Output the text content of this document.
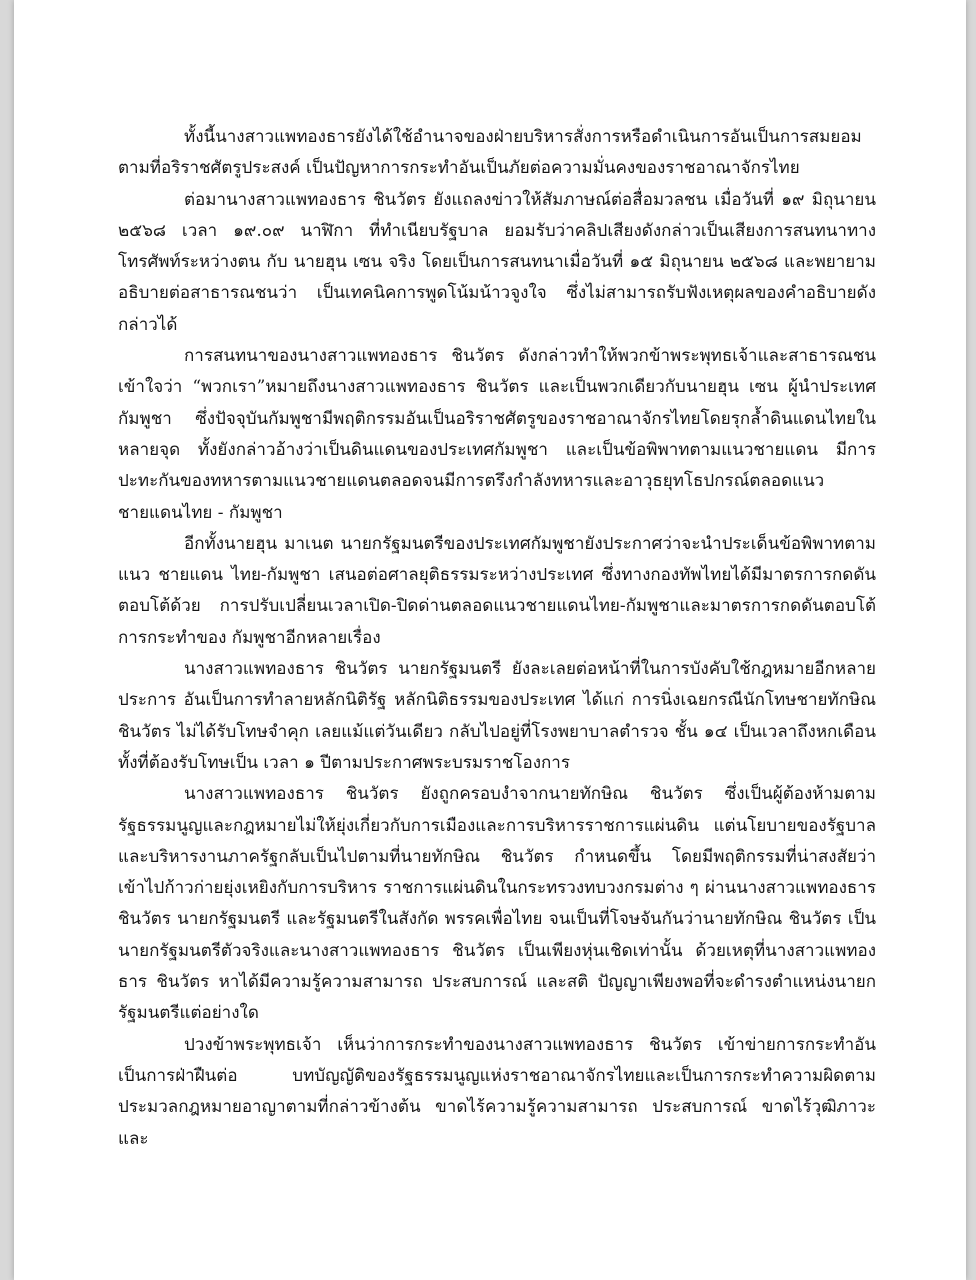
ทั้งนี้นางสาวแพทองธารยังได้ใช้อำนาจของฝ่ายบริหารสั่งการหรือดำเนินการอันเป็นการสมยอมตามที่อริราชศัตรูประสงค์ เป็นปัญหาการกระทำอันเป็นภัยต่อความมั่นคงของราชอาณาจักรไทย

ต่อมานางสาวแพทองธาร ชินวัตร ยังแถลงข่าวให้สัมภาษณ์ต่อสื่อมวลชน เมื่อวันที่ ๑๙ มิถุนายน ๒๕๖๘ เวลา ๑๙.๐๙ นาฬิกา ที่ทำเนียบรัฐบาล ยอมรับว่าคลิปเสียงดังกล่าวเป็นเสียงการสนทนาทางโทรศัพท์ระหว่างตน กับ นายฮุน เซน จริง โดยเป็นการสนทนาเมื่อวันที่ ๑๕ มิถุนายน ๒๕๖๘ และพยายามอธิบายต่อสาธารณชนว่า เป็นเทคนิคการพูดโน้มน้าวจูงใจ ซึ่งไม่สามารถรับฟังเหตุผลของคำอธิบายดังกล่าวได้

การสนทนาของนางสาวแพทองธาร ชินวัตร ดังกล่าวทำให้พวกข้าพระพุทธเจ้าและสาธารณชนเข้าใจว่า “พวกเรา”หมายถึงนางสาวแพทองธาร ชินวัตร และเป็นพวกเดียวกับนายฮุน เซน ผู้นำประเทศกัมพูชา ซึ่งปัจจุบันกัมพูชามีพฤติกรรมอันเป็นอริราชศัตรูของราชอาณาจักรไทยโดยรุกล้ำดินแดนไทยในหลายจุด ทั้งยังกล่าวอ้างว่าเป็นดินแดนของประเทศกัมพูชา และเป็นข้อพิพาทตามแนวชายแดน มีการปะทะกันของทหารตามแนวชายแดนตลอดจนมีการตรึงกำลังทหารและอาวุธยุทโธปกรณ์ตลอดแนวชายแดนไทย - กัมพูชา

อีกทั้งนายฮุน มาเนต นายกรัฐมนตรีของประเทศกัมพูชายังประกาศว่าจะนำประเด็นข้อพิพาทตามแนว ชายแดน ไทย-กัมพูชา เสนอต่อศาลยุติธรรมระหว่างประเทศ ซึ่งทางกองทัพไทยได้มีมาตรการกดดันตอบโต้ด้วย การปรับเปลี่ยนเวลาเปิด-ปิดด่านตลอดแนวชายแดนไทย-กัมพูชาและมาตรการกดดันตอบโต้การกระทำของ กัมพูชาอีกหลายเรื่อง

นางสาวแพทองธาร ชินวัตร นายกรัฐมนตรี ยังละเลยต่อหน้าที่ในการบังคับใช้กฎหมายอีกหลายประการ อันเป็นการทำลายหลักนิติรัฐ หลักนิติธรรมของประเทศ ได้แก่ การนิ่งเฉยกรณีนักโทษชายทักษิณ ชินวัตร ไม่ได้รับโทษจำคุก เลยแม้แต่วันเดียว กลับไปอยู่ที่โรงพยาบาลตำรวจ ชั้น ๑๔ เป็นเวลาถึงหกเดือน ทั้งที่ต้องรับโทษเป็น เวลา ๑ ปีตามประกาศพระบรมราชโองการ

นางสาวแพทองธาร ชินวัตร ยังถูกครอบงำจากนายทักษิณ ชินวัตร ซึ่งเป็นผู้ต้องห้ามตามรัฐธรรมนูญและกฎหมายไม่ให้ยุ่งเกี่ยวกับการเมืองและการบริหารราชการแผ่นดิน แต่นโยบายของรัฐบาลและบริหารงานภาครัฐกลับเป็นไปตามที่นายทักษิณ ชินวัตร กำหนดขึ้น โดยมีพฤติกรรมที่น่าสงสัยว่าเข้าไปก้าวก่ายยุ่งเหยิงกับการบริหาร ราชการแผ่นดินในกระทรวงทบวงกรมต่าง ๆ ผ่านนางสาวแพทองธาร ชินวัตร นายกรัฐมนตรี และรัฐมนตรีในสังกัด พรรคเพื่อไทย จนเป็นที่โจษจันกันว่านายทักษิณ ชินวัตร เป็นนายกรัฐมนตรีตัวจริงและนางสาวแพทองธาร ชินวัตร เป็นเพียงหุ่นเชิดเท่านั้น ด้วยเหตุที่นางสาวแพทองธาร ชินวัตร หาได้มีความรู้ความสามารถ ประสบการณ์ และสติ ปัญญาเพียงพอที่จะดำรงตำแหน่งนายกรัฐมนตรีแต่อย่างใด

ปวงข้าพระพุทธเจ้า เห็นว่าการกระทำของนางสาวแพทองธาร ชินวัตร เข้าข่ายการกระทำอันเป็นการฝ่าฝืนต่อ บทบัญญัติของรัฐธรรมนูญแห่งราชอาณาจักรไทยและเป็นการกระทำความผิดตามประมวลกฎหมายอาญาตามที่กล่าวข้างต้น ขาดไร้ความรู้ความสามารถ ประสบการณ์ ขาดไร้วุฒิภาวะและ
